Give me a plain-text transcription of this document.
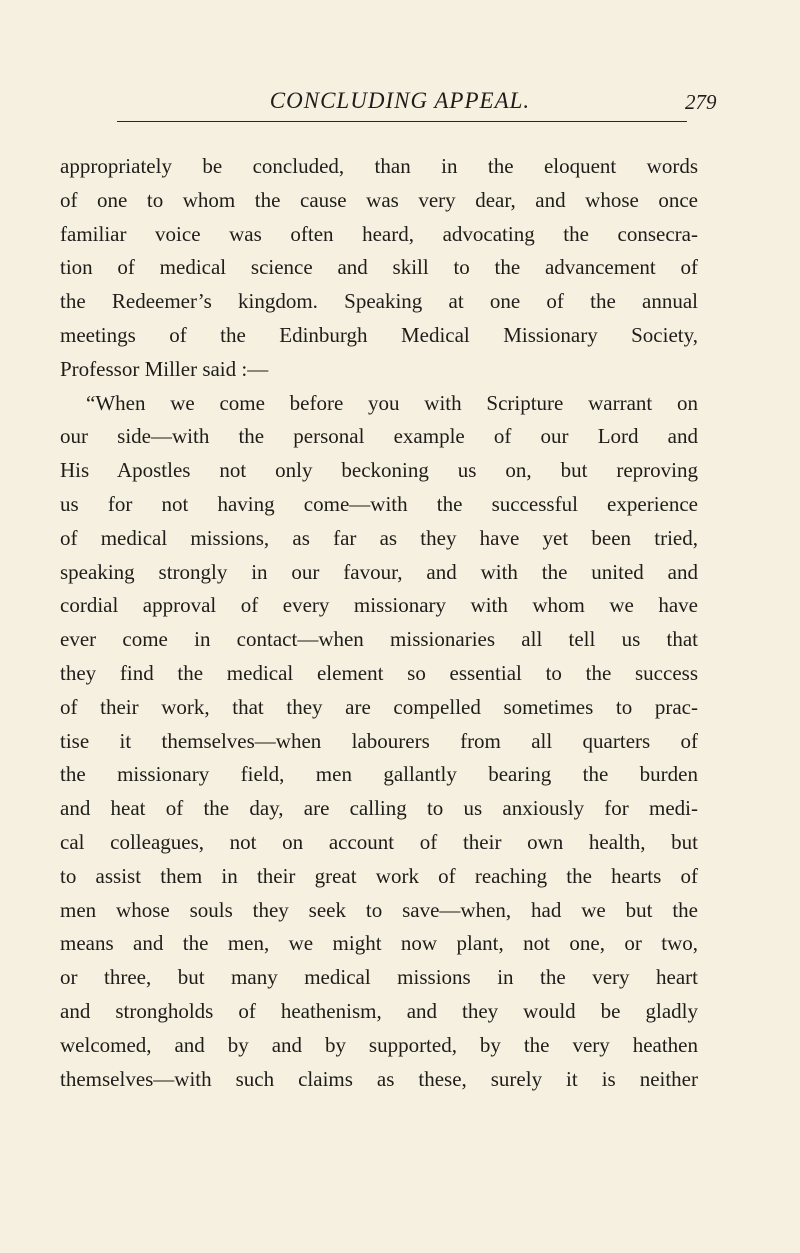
CONCLUDING APPEAL.	279
appropriately be concluded, than in the eloquent words
of one to whom the cause was very dear, and whose once
familiar voice was often heard, advocating the consecra-
tion of medical science and skill to the advancement of
the Redeemer’s kingdom. Speaking at one of the annual
meetings of the Edinburgh Medical Missionary Society,
Professor Miller said :—
“When we come before you with Scripture warrant on
our side—with the personal example of our Lord and
His Apostles not only beckoning us on, but reproving
us for not having come—with the successful experience
of medical missions, as far as they have yet been tried,
speaking strongly in our favour, and with the united and
cordial approval of every missionary with whom we have
ever come in contact—when missionaries all tell us that
they find the medical element so essential to the success
of their work, that they are compelled sometimes to prac-
tise it themselves—when labourers from all quarters of
the missionary field, men gallantly bearing the burden
and heat of the day, are calling to us anxiously for medi-
cal colleagues, not on account of their own health, but
to assist them in their great work of reaching the hearts of
men whose souls they seek to save—when, had we but the
means and the men, we might now plant, not one, or two,
or three, but many medical missions in the very heart
and strongholds of heathenism, and they would be gladly
welcomed, and by and by supported, by the very heathen
themselves—with such claims as these, surely it is neither
